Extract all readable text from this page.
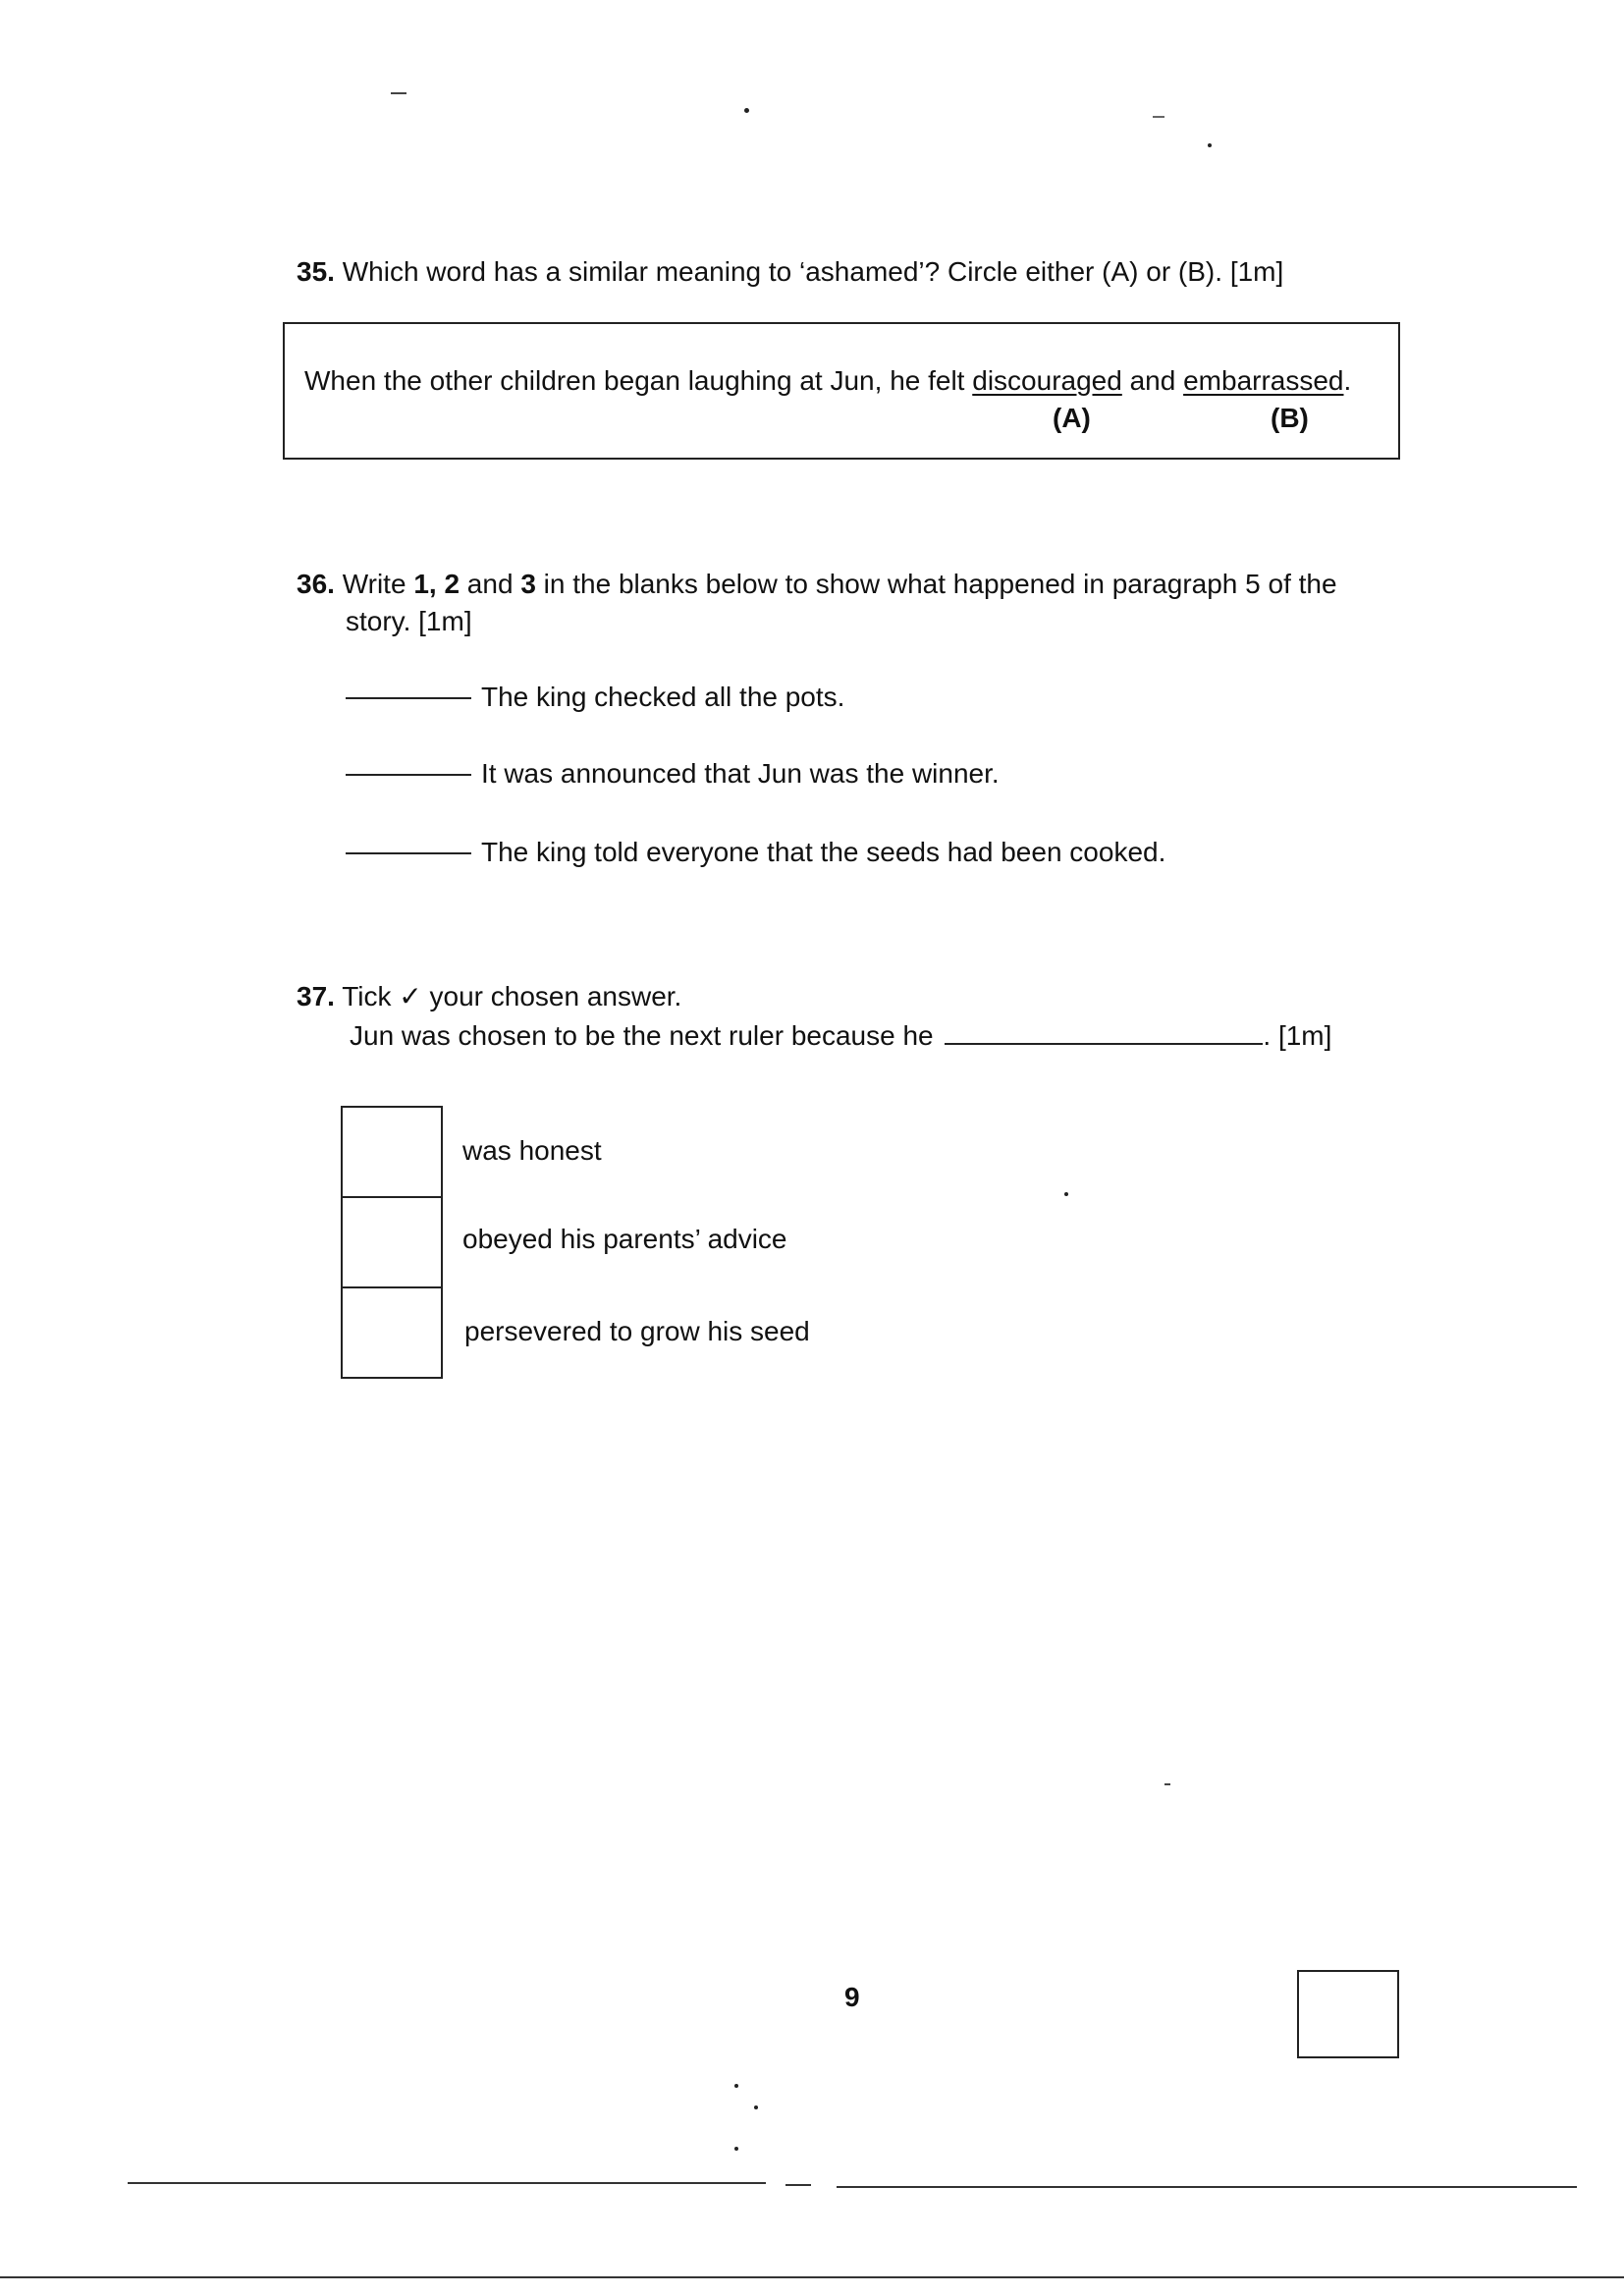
35. Which word has a similar meaning to ‘ashamed’? Circle either (A) or (B). [1m]
When the other children began laughing at Jun, he felt discouraged and embarrassed.
(A)	(B)
36. Write 1, 2 and 3 in the blanks below to show what happened in paragraph 5 of the
story. [1m]
The king checked all the pots.
It was announced that Jun was the winner.
The king told everyone that the seeds had been cooked.
37. Tick ✓ your chosen answer.
Jun was chosen to be the next ruler because he	. [1m]
was honest
obeyed his parents’ advice
persevered to grow his seed
9
